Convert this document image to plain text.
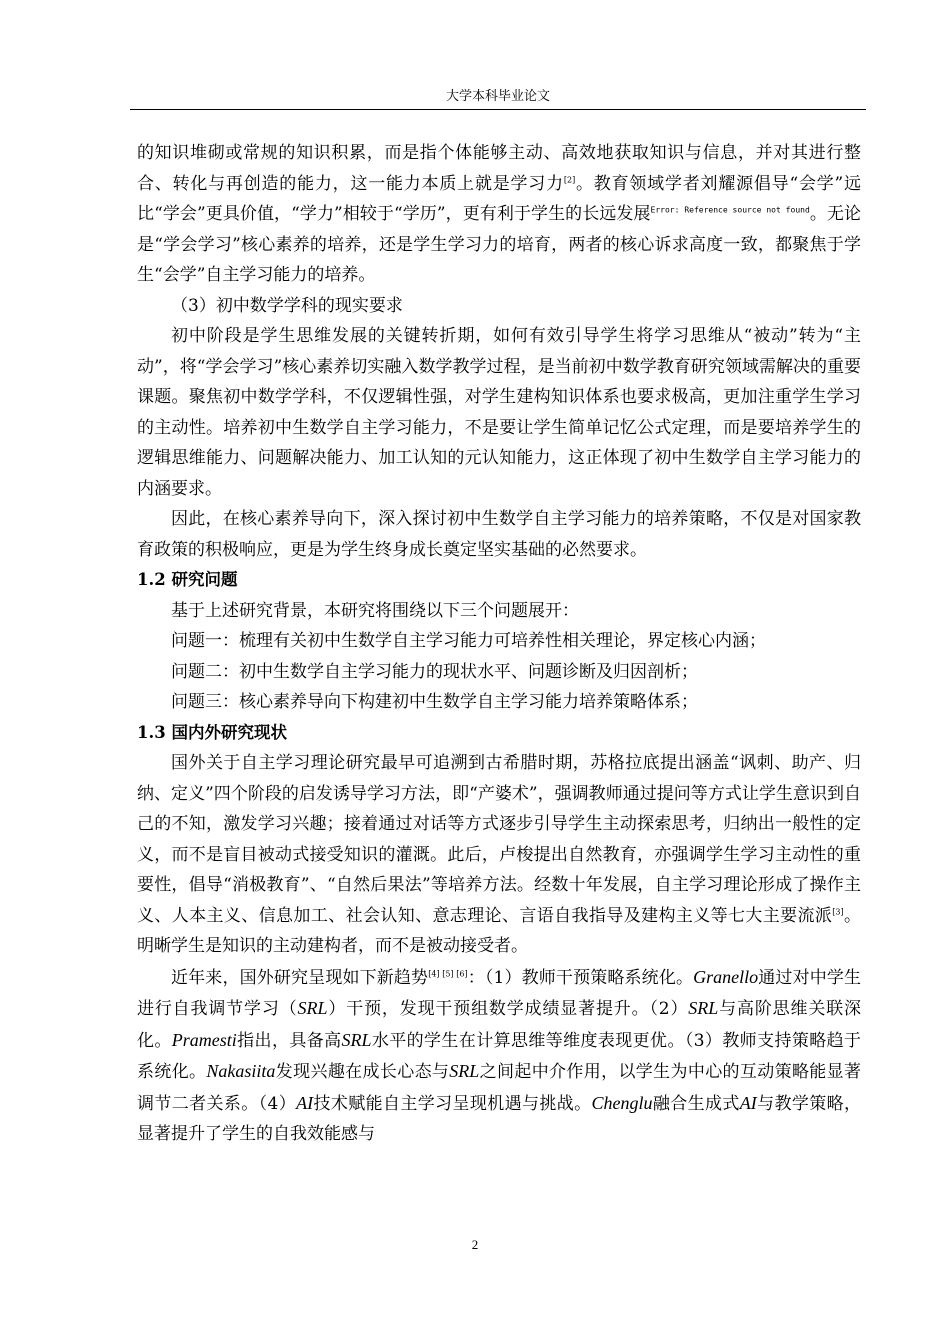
大学本科毕业论文

的知识堆砌或常规的知识积累，而是指个体能够主动、高效地获取知识与信息，并对其进行整合、转化与再创造的能力，这一能力本质上就是学习力[2]。教育领域学者刘耀源倡导“会学”远比“学会”更具价值，“学力”相较于“学历”，更有利于学生的长远发展$^{Error: Reference source not found}$。无论是“学会学习”核心素养的培养，还是学生学习力的培育，两者的核心诉求高度一致，都聚焦于学生“会学”自主学习能力的培养。

（3）初中数学学科的现实要求

初中阶段是学生思维发展的关键转折期，如何有效引导学生将学习思维从“被动”转为“主动”，将“学会学习”核心素养切实融入数学教学过程，是当前初中数学教育研究领域需解决的重要课题。聚焦初中数学学科，不仅逻辑性强，对学生建构知识体系也要求极高，更加注重学生学习的主动性。培养初中生数学自主学习能力，不是要让学生简单记忆公式定理，而是要培养学生的逻辑思维能力、问题解决能力、加工认知的元认知能力，这正体现了初中生数学自主学习能力的内涵要求。

因此，在核心素养导向下，深入探讨初中生数学自主学习能力的培养策略，不仅是对国家教育政策的积极响应，更是为学生终身成长奠定坚实基础的必然要求。

1.2 研究问题

基于上述研究背景，本研究将围绕以下三个问题展开：

问题一：梳理有关初中生数学自主学习能力可培养性相关理论，界定核心内涵；

问题二：初中生数学自主学习能力的现状水平、问题诊断及归因剖析；

问题三：核心素养导向下构建初中生数学自主学习能力培养策略体系；

1.3 国内外研究现状

国外关于自主学习理论研究最早可追溯到古希腊时期，苏格拉底提出涵盖“讽刺、助产、归纳、定义”四个阶段的启发诱导学习方法，即“产婆术”，强调教师通过提问等方式让学生意识到自己的不知，激发学习兴趣；接着通过对话等方式逐步引导学生主动探索思考，归纳出一般性的定义，而不是盲目被动式接受知识的灌溉。此后，卢梭提出自然教育，亦强调学生学习主动性的重要性，倡导“消极教育”、“自然后果法”等培养方法。经数十年发展，自主学习理论形成了操作主义、人本主义、信息加工、社会认知、意志理论、言语自我指导及建构主义等七大主要流派[3]。明晰学生是知识的主动建构者，而不是被动接受者。

近年来，国外研究呈现如下新趋势[4] [5] [6]：（1）教师干预策略系统化。Granello通过对中学生进行自我调节学习（SRL）干预，发现干预组数学成绩显著提升。（2）SRL与高阶思维关联深化。Pramesti指出，具备高SRL水平的学生在计算思维等维度表现更优。（3）教师支持策略趋于系统化。Nakasiita发现兴趣在成长心态与SRL之间起中介作用，以学生为中心的互动策略能显著调节二者关系。（4）AI技术赋能自主学习呈现机遇与挑战。Chenglu融合生成式AI与教学策略，显著提升了学生的自我效能感与

2
